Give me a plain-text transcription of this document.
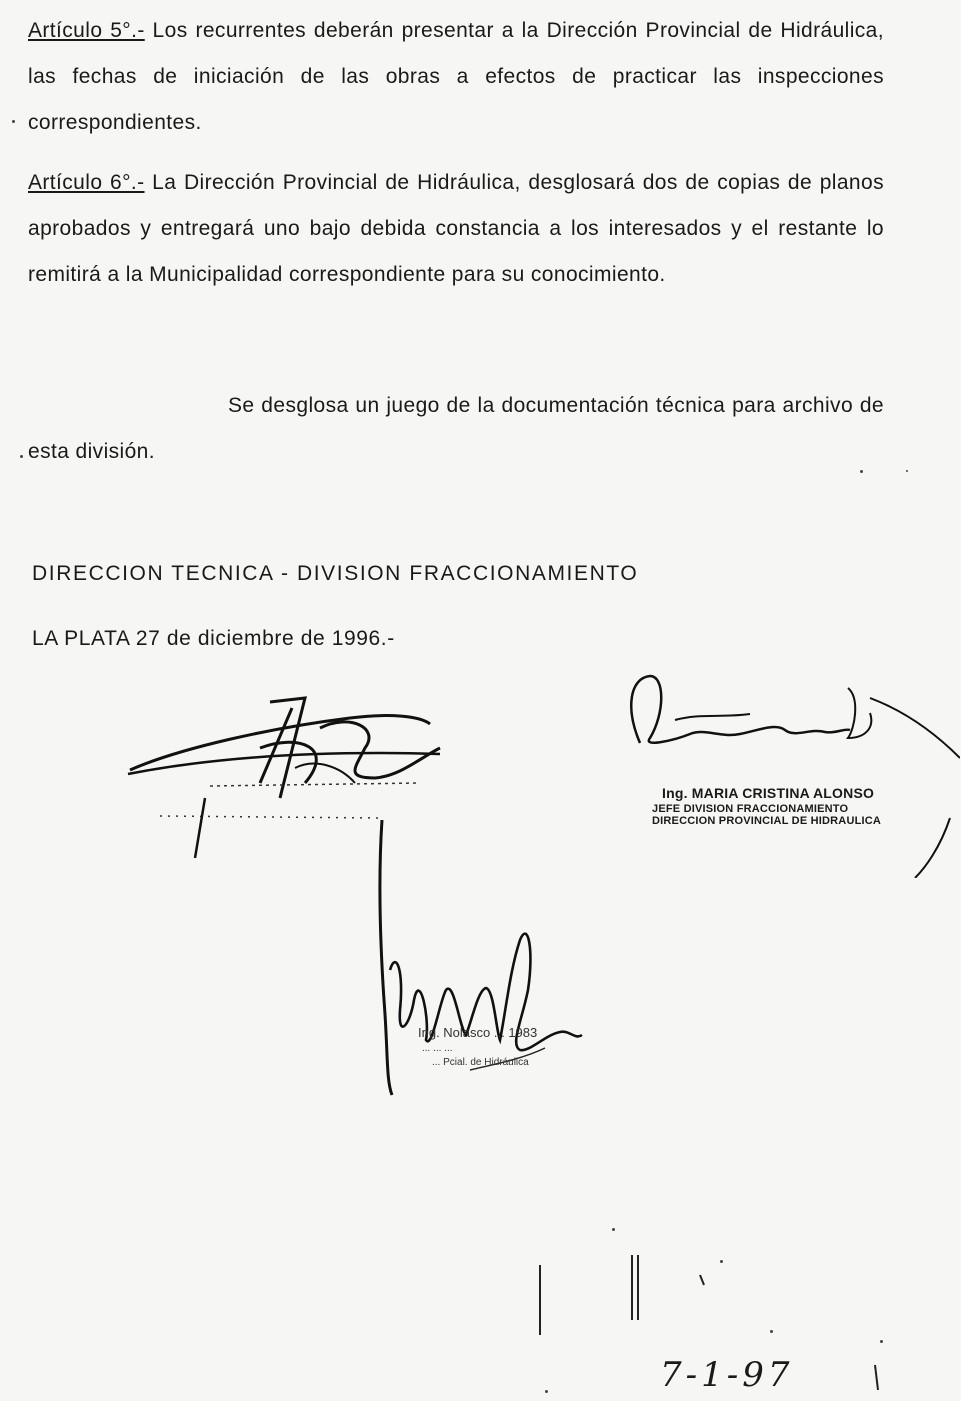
Artículo 5°.- Los recurrentes deberán presentar a la Dirección Provincial de Hidráulica, las fechas de iniciación de las obras a efectos de practicar las inspecciones correspondientes.

Artículo 6°.- La Dirección Provincial de Hidráulica, desglosará dos de copias de planos aprobados y entregará uno bajo debida constancia a los interesados y el restante lo remitirá a la Municipalidad correspondiente para su conocimiento.

Se desglosa un juego de la documentación técnica para archivo de esta división.

DIRECCION TECNICA - DIVISION FRACCIONAMIENTO

LA PLATA 27 de diciembre de 1996.-

Ing. MARIA CRISTINA ALONSO
JEFE DIVISION FRACCIONAMIENTO
DIRECCION PROVINCIAL DE HIDRAULICA
Ing. Nolasco ... 1983
... ... ...
... Pcial. de Hidráulica
7-1-97
